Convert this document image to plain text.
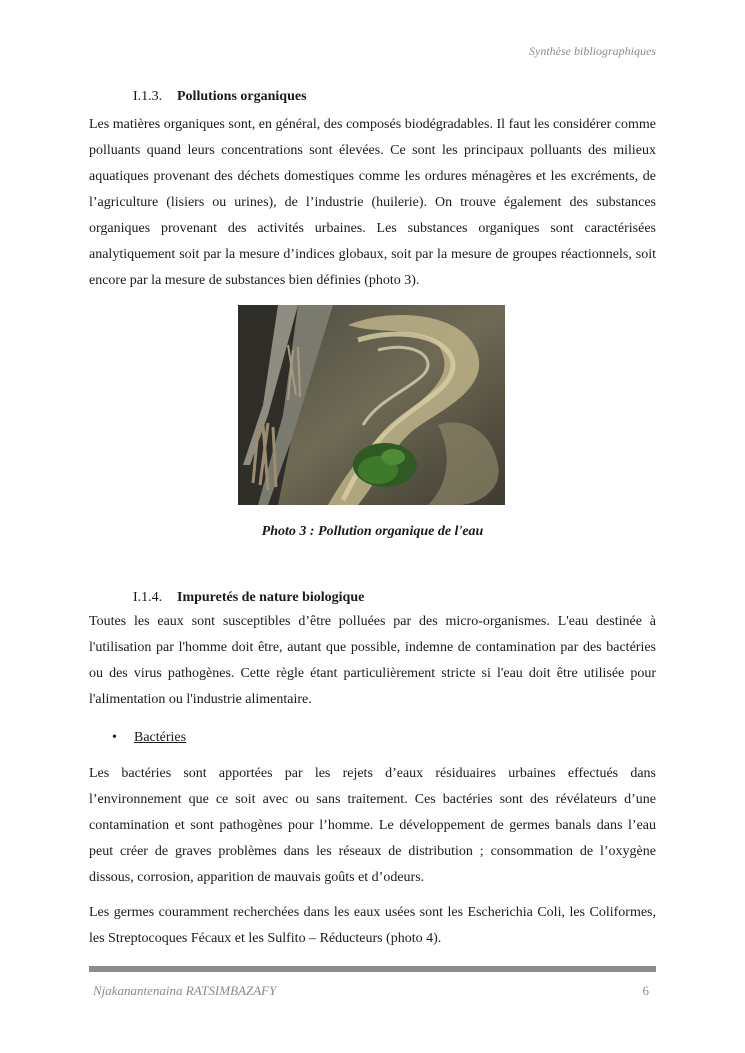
Synthèse bibliographiques
I.1.3. Pollutions organiques

Les matières organiques sont, en général, des composés biodégradables. Il faut les considérer comme polluants quand leurs concentrations sont élevées. Ce sont les principaux polluants des milieux aquatiques provenant des déchets domestiques comme les ordures ménagères et les excréments, de l’agriculture (lisiers ou urines), de l’industrie (huilerie). On trouve également des substances organiques provenant des activités urbaines. Les substances organiques sont caractérisées analytiquement soit par la mesure d’indices globaux, soit par la mesure de groupes réactionnels, soit encore par la mesure de substances bien définies (photo 3).

Photo 3 : Pollution organique de l'eau
I.1.4. Impuretés de nature biologique

Toutes les eaux sont susceptibles d’être polluées par des micro-organismes. L'eau destinée à l'utilisation par l'homme doit être, autant que possible, indemne de contamination par des bactéries ou des virus pathogènes. Cette règle étant particulièrement stricte si l'eau doit être utilisée pour l'alimentation ou l'industrie alimentaire.

• Bactéries

Les bactéries sont apportées par les rejets d’eaux résiduaires urbaines effectués dans l’environnement que ce soit avec ou sans traitement. Ces bactéries sont des révélateurs d’une contamination et sont pathogènes pour l’homme. Le développement de germes banals dans l’eau peut créer de graves problèmes dans les réseaux de distribution ; consommation de l’oxygène dissous, corrosion, apparition de mauvais goûts et d’odeurs.

Les germes couramment recherchées dans les eaux usées sont les Escherichia Coli, les Coliformes, les Streptocoques Fécaux et les Sulfito – Réducteurs (photo 4).

Njakanantenaina RATSIMBAZAFY	6
